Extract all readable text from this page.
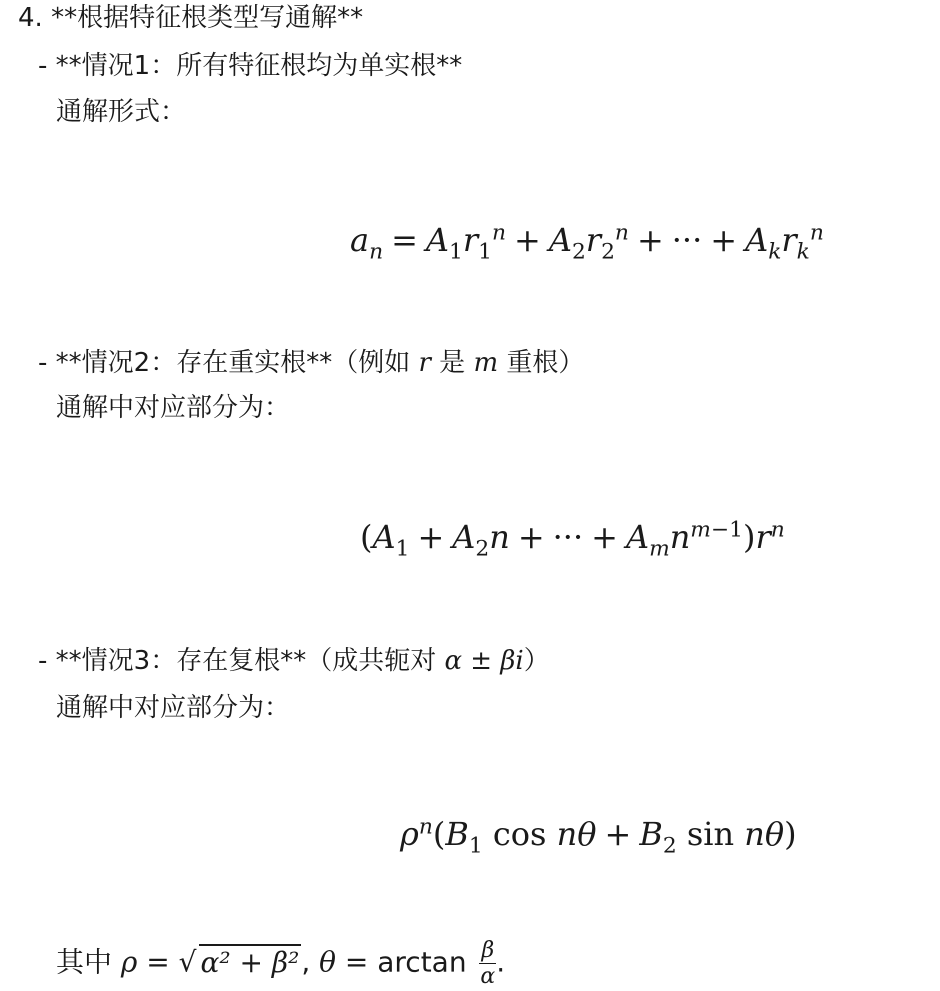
4. **根据特征根类型写通解**
- **情况1：所有特征根均为单实根**
通解形式：
$a_n = A_1r_1^n + A_2r_2^n$ + ··· + $A_kr_k^n$
- **情况2：存在重实根**（例如 r 是 m 重根）
通解中对应部分为：
($A_1 + A_2n$ + ··· + $A_mn^{m-1})r^n$
- **情况3：存在复根**（成共轭对 α ± βi）
通解中对应部分为：
$\rho^n(B_1$ $\cos n\theta + B_2$ sin nθ)
其中 ρ = √ α² + β², $\theta = \arctan \frac{\beta}{\alpha}$ .
